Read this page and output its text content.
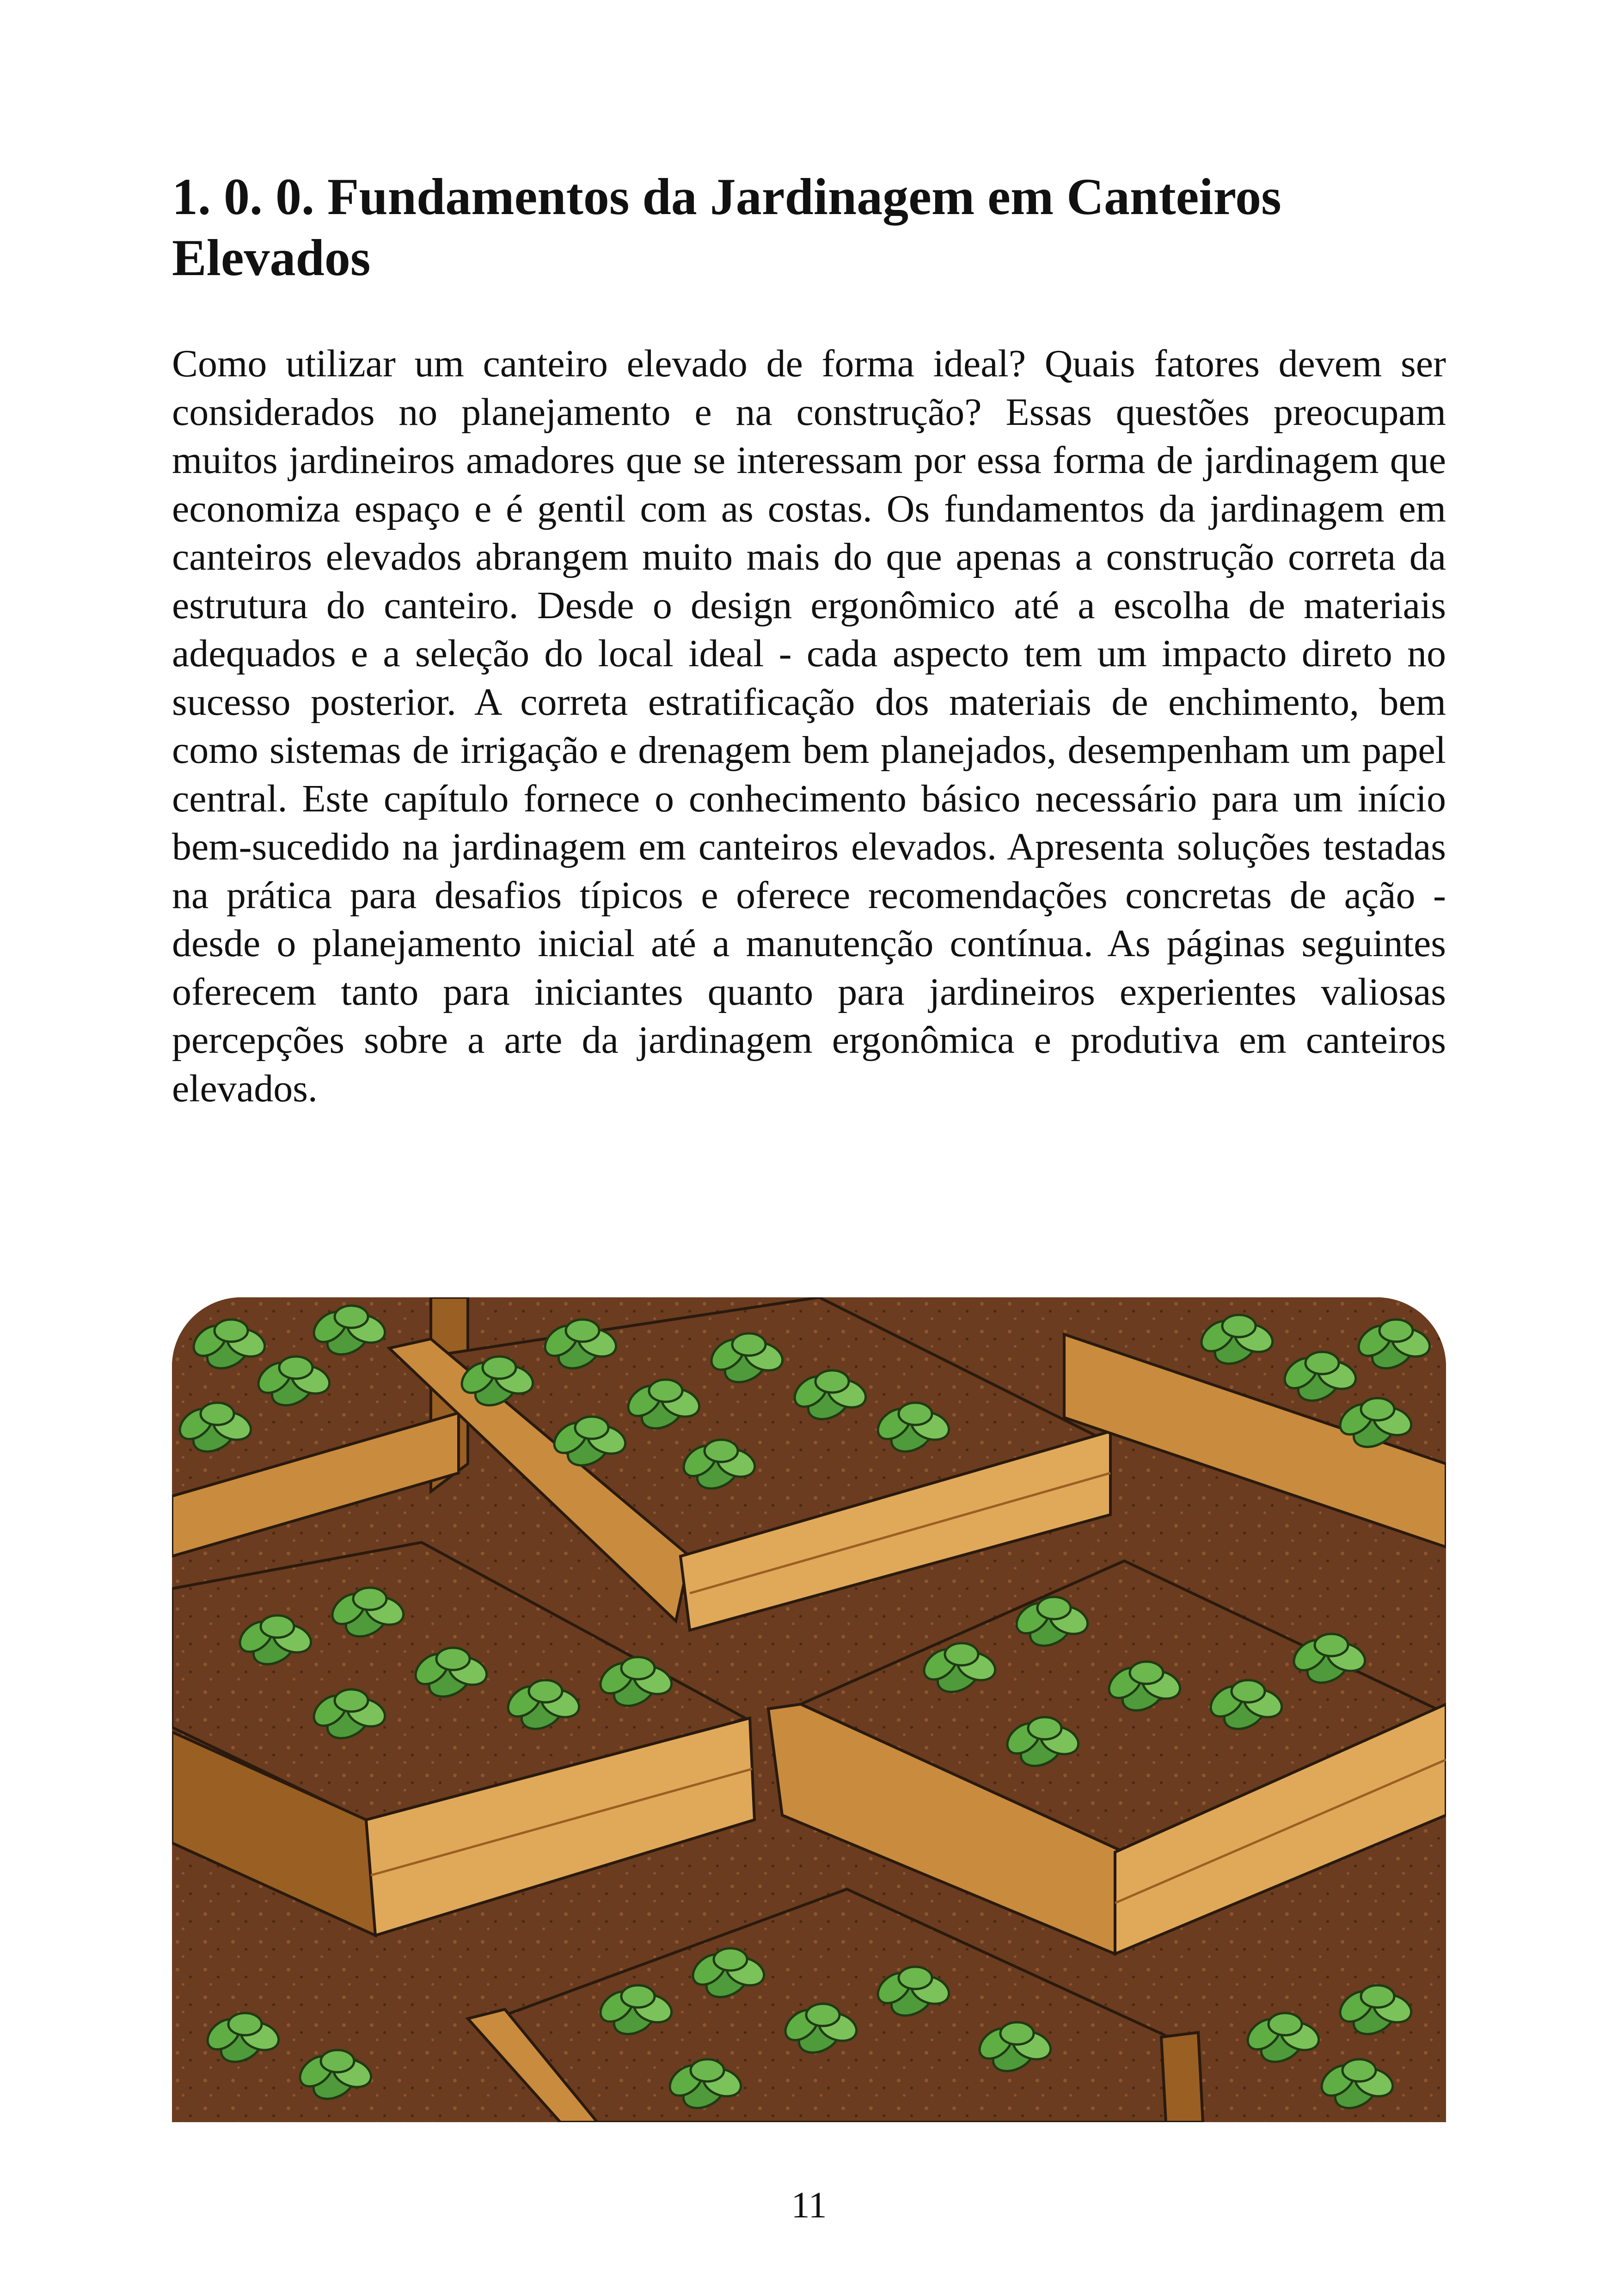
1. 0. 0. Fundamentos da Jardinagem em Canteiros Elevados

Como utilizar um canteiro elevado de forma ideal? Quais fatores devem ser considerados no planejamento e na construção? Essas questões preocupam muitos jardineiros amadores que se interessam por essa forma de jardinagem que economiza espaço e é gentil com as costas. Os fundamentos da jardinagem em canteiros elevados abrangem muito mais do que apenas a construção correta da estrutura do canteiro. Desde o design ergonômico até a escolha de materiais adequados e a seleção do local ideal - cada aspecto tem um impacto direto no sucesso posterior. A correta estratificação dos materiais de enchimento, bem como sistemas de irrigação e drenagem bem planejados, desempenham um papel central. Este capítulo fornece o conhecimento básico necessário para um início bem-sucedido na jardinagem em canteiros elevados. Apresenta soluções testadas na prática para desafios típicos e oferece recomendações concretas de ação - desde o planejamento inicial até a manutenção contínua. As páginas seguintes oferecem tanto para iniciantes quanto para jardineiros experientes valiosas percepções sobre a arte da jardinagem ergonômica e produtiva em canteiros elevados.

11
